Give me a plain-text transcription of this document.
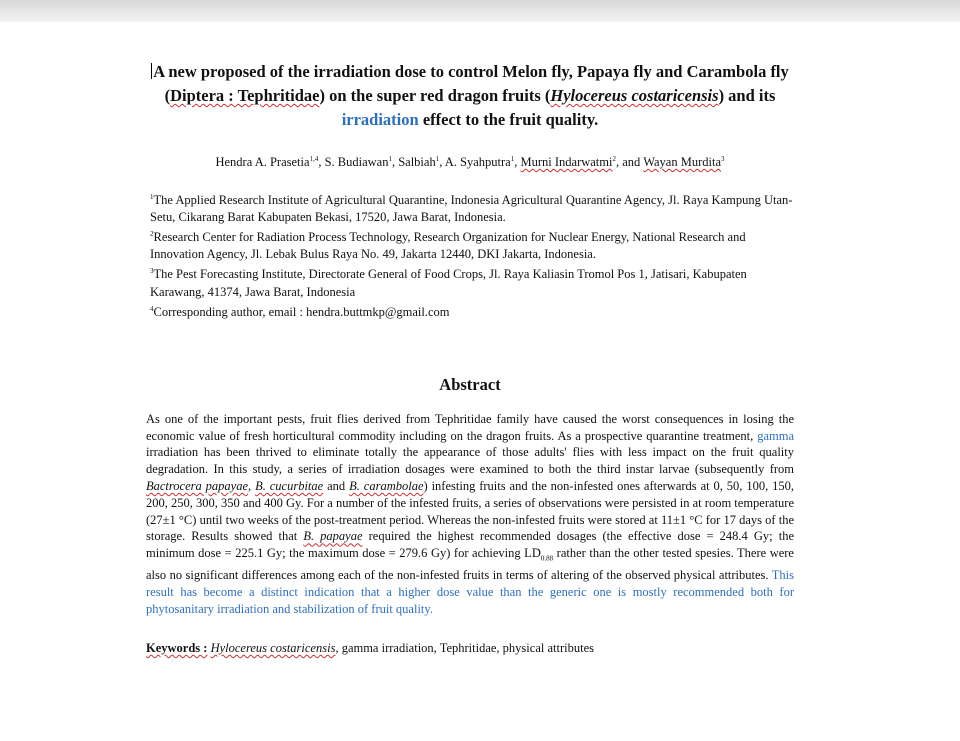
A new proposed of the irradiation dose to control Melon fly, Papaya fly and Carambola fly (Diptera : Tephritidae) on the super red dragon fruits (Hylocereus costaricensis) and its irradiation effect to the fruit quality.
Hendra A. Prasetia$^{1,4}$, S. Budiawan$^1$, Salbiah$^1$, A. Syahputra$^1$, Murni Indarwatmi$^2$, and Wayan Murdita$^3$
$^1$The Applied Research Institute of Agricultural Quarantine, Indonesia Agricultural Quarantine Agency, Jl. Raya Kampung Utan-Setu, Cikarang Barat Kabupaten Bekasi, 17520, Jawa Barat, Indonesia.
$^2$Research Center for Radiation Process Technology, Research Organization for Nuclear Energy, National Research and Innovation Agency, Jl. Lebak Bulus Raya No. 49, Jakarta 12440, DKI Jakarta, Indonesia.
$^3$The Pest Forecasting Institute, Directorate General of Food Crops, Jl. Raya Kaliasin Tromol Pos 1, Jatisari, Kabupaten Karawang, 41374, Jawa Barat, Indonesia
$^4$Corresponding author, email : hendra.buttmkp@gmail.com
Abstract

As one of the important pests, fruit flies derived from Tephritidae family have caused the worst consequences in losing the economic value of fresh horticultural commodity including on the dragon fruits. As a prospective quarantine treatment, gamma irradiation has been thrived to eliminate totally the appearance of those adults' flies with less impact on the fruit quality degradation. In this study, a series of irradiation dosages were examined to both the third instar larvae (subsequently from Bactrocera papayae, B. cucurbitae and B. carambolae) infesting fruits and the non-infested ones afterwards at 0, 50, 100, 150, 200, 250, 300, 350 and 400 Gy. For a number of the infested fruits, a series of observations were persisted in at room temperature (27±1 °C) until two weeks of the post-treatment period. Whereas the non-infested fruits were stored at 11±1 °C for 17 days of the storage. Results showed that B. papayae required the highest recommended dosages (the effective dose = 248.4 Gy; the minimum dose = 225.1 Gy; the maximum dose = 279.6 Gy) for achieving $LD_{0.88}$ rather than the other tested spesies. There were also no significant differences among each of the non-infested fruits in terms of altering of the observed physical attributes. This result has become a distinct indication that a higher dose value than the generic one is mostly recommended both for phytosanitary irradiation and stabilization of fruit quality.

Keywords : Hylocereus costaricensis, gamma irradiation, Tephritidae, physical attributes
